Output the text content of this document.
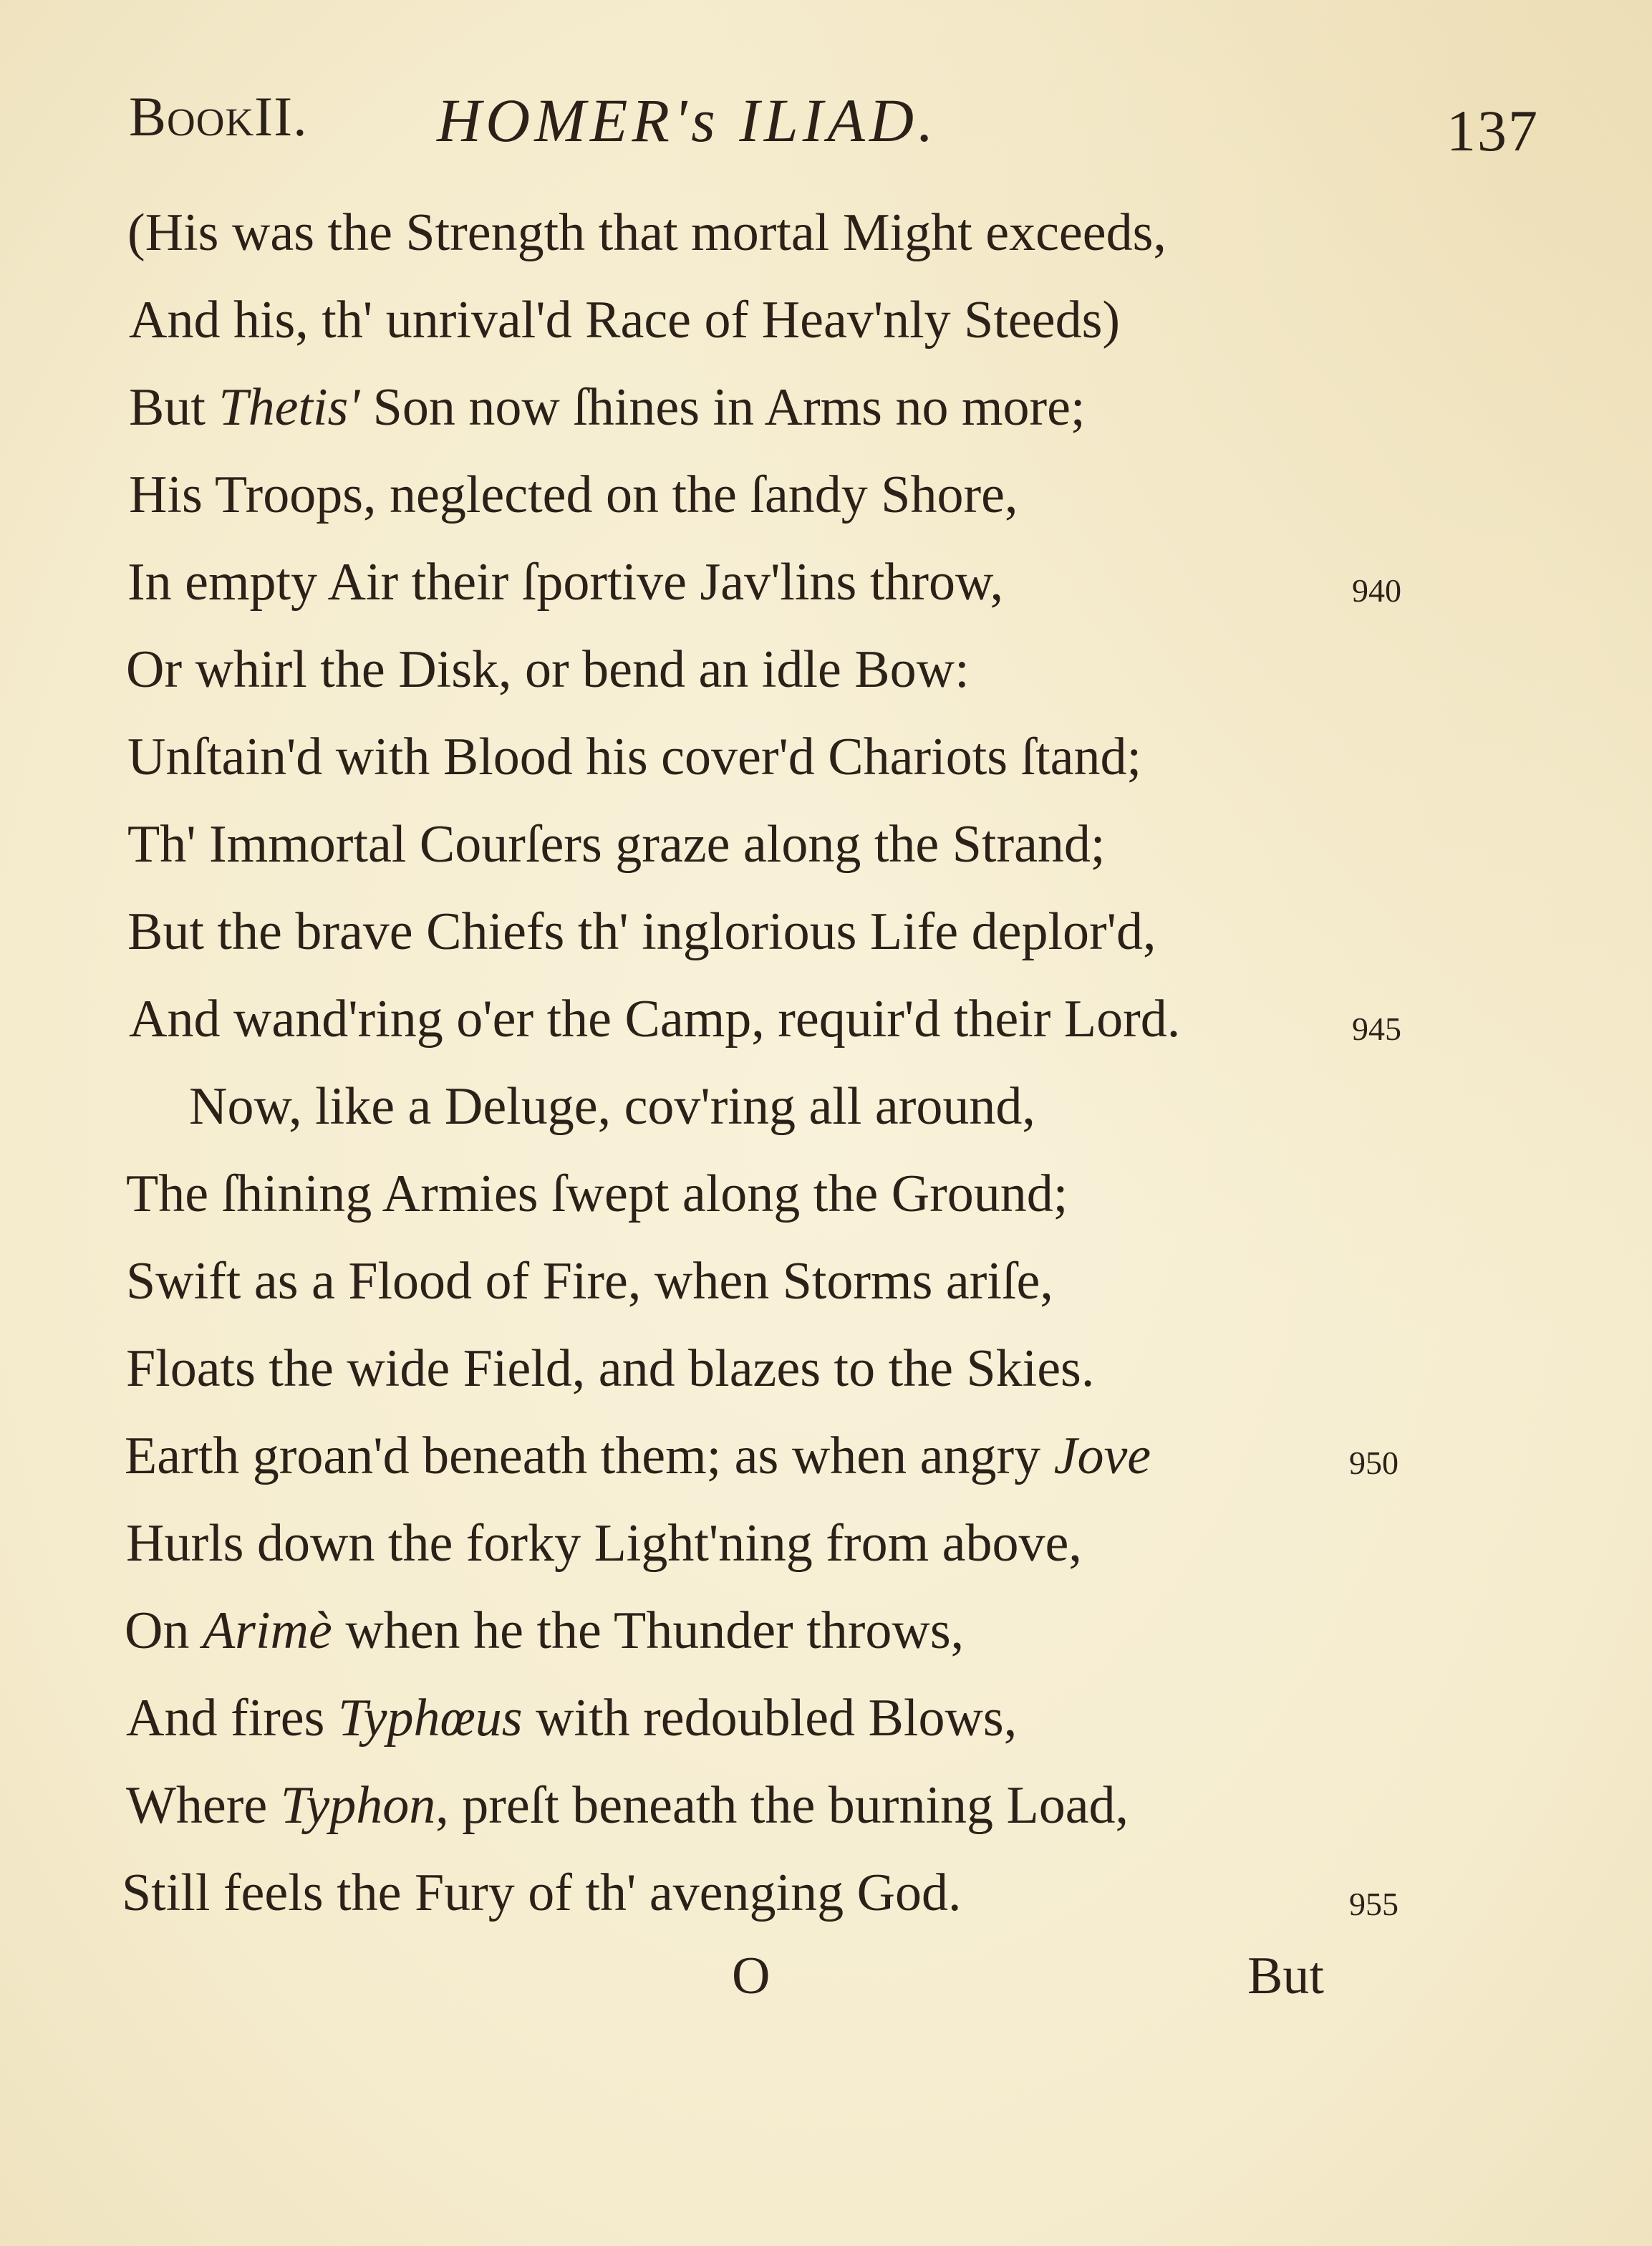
BookII. HOMER's ILIAD.	137
(His was the Strength that mortal Might exceeds,
And his, th' unrival'd Race of Heav'nly Steeds)
But Thetis' Son now ſhines in Arms no more;
His Troops, neglected on the ſandy Shore,
In empty Air their ſportive Jav'lins throw,
Or whirl the Disk, or bend an idle Bow:
Unſtain'd with Blood his cover'd Chariots ſtand;
Th' Immortal Courſers graze along the Strand;
But the brave Chiefs th' inglorious Life deplor'd,
And wand'ring o'er the Camp, requir'd their Lord.
Now, like a Deluge, cov'ring all around,
The ſhining Armies ſwept along the Ground;
Swift as a Flood of Fire, when Storms ariſe,
Floats the wide Field, and blazes to the Skies.
Earth groan'd beneath them; as when angry Jove
Hurls down the forky Light'ning from above,
On Arimè when he the Thunder throws,
And fires Typhœus with redoubled Blows,
Where Typhon, preſt beneath the burning Load,
Still feels the Fury of th' avenging God.
940
945
950
955
O	But
